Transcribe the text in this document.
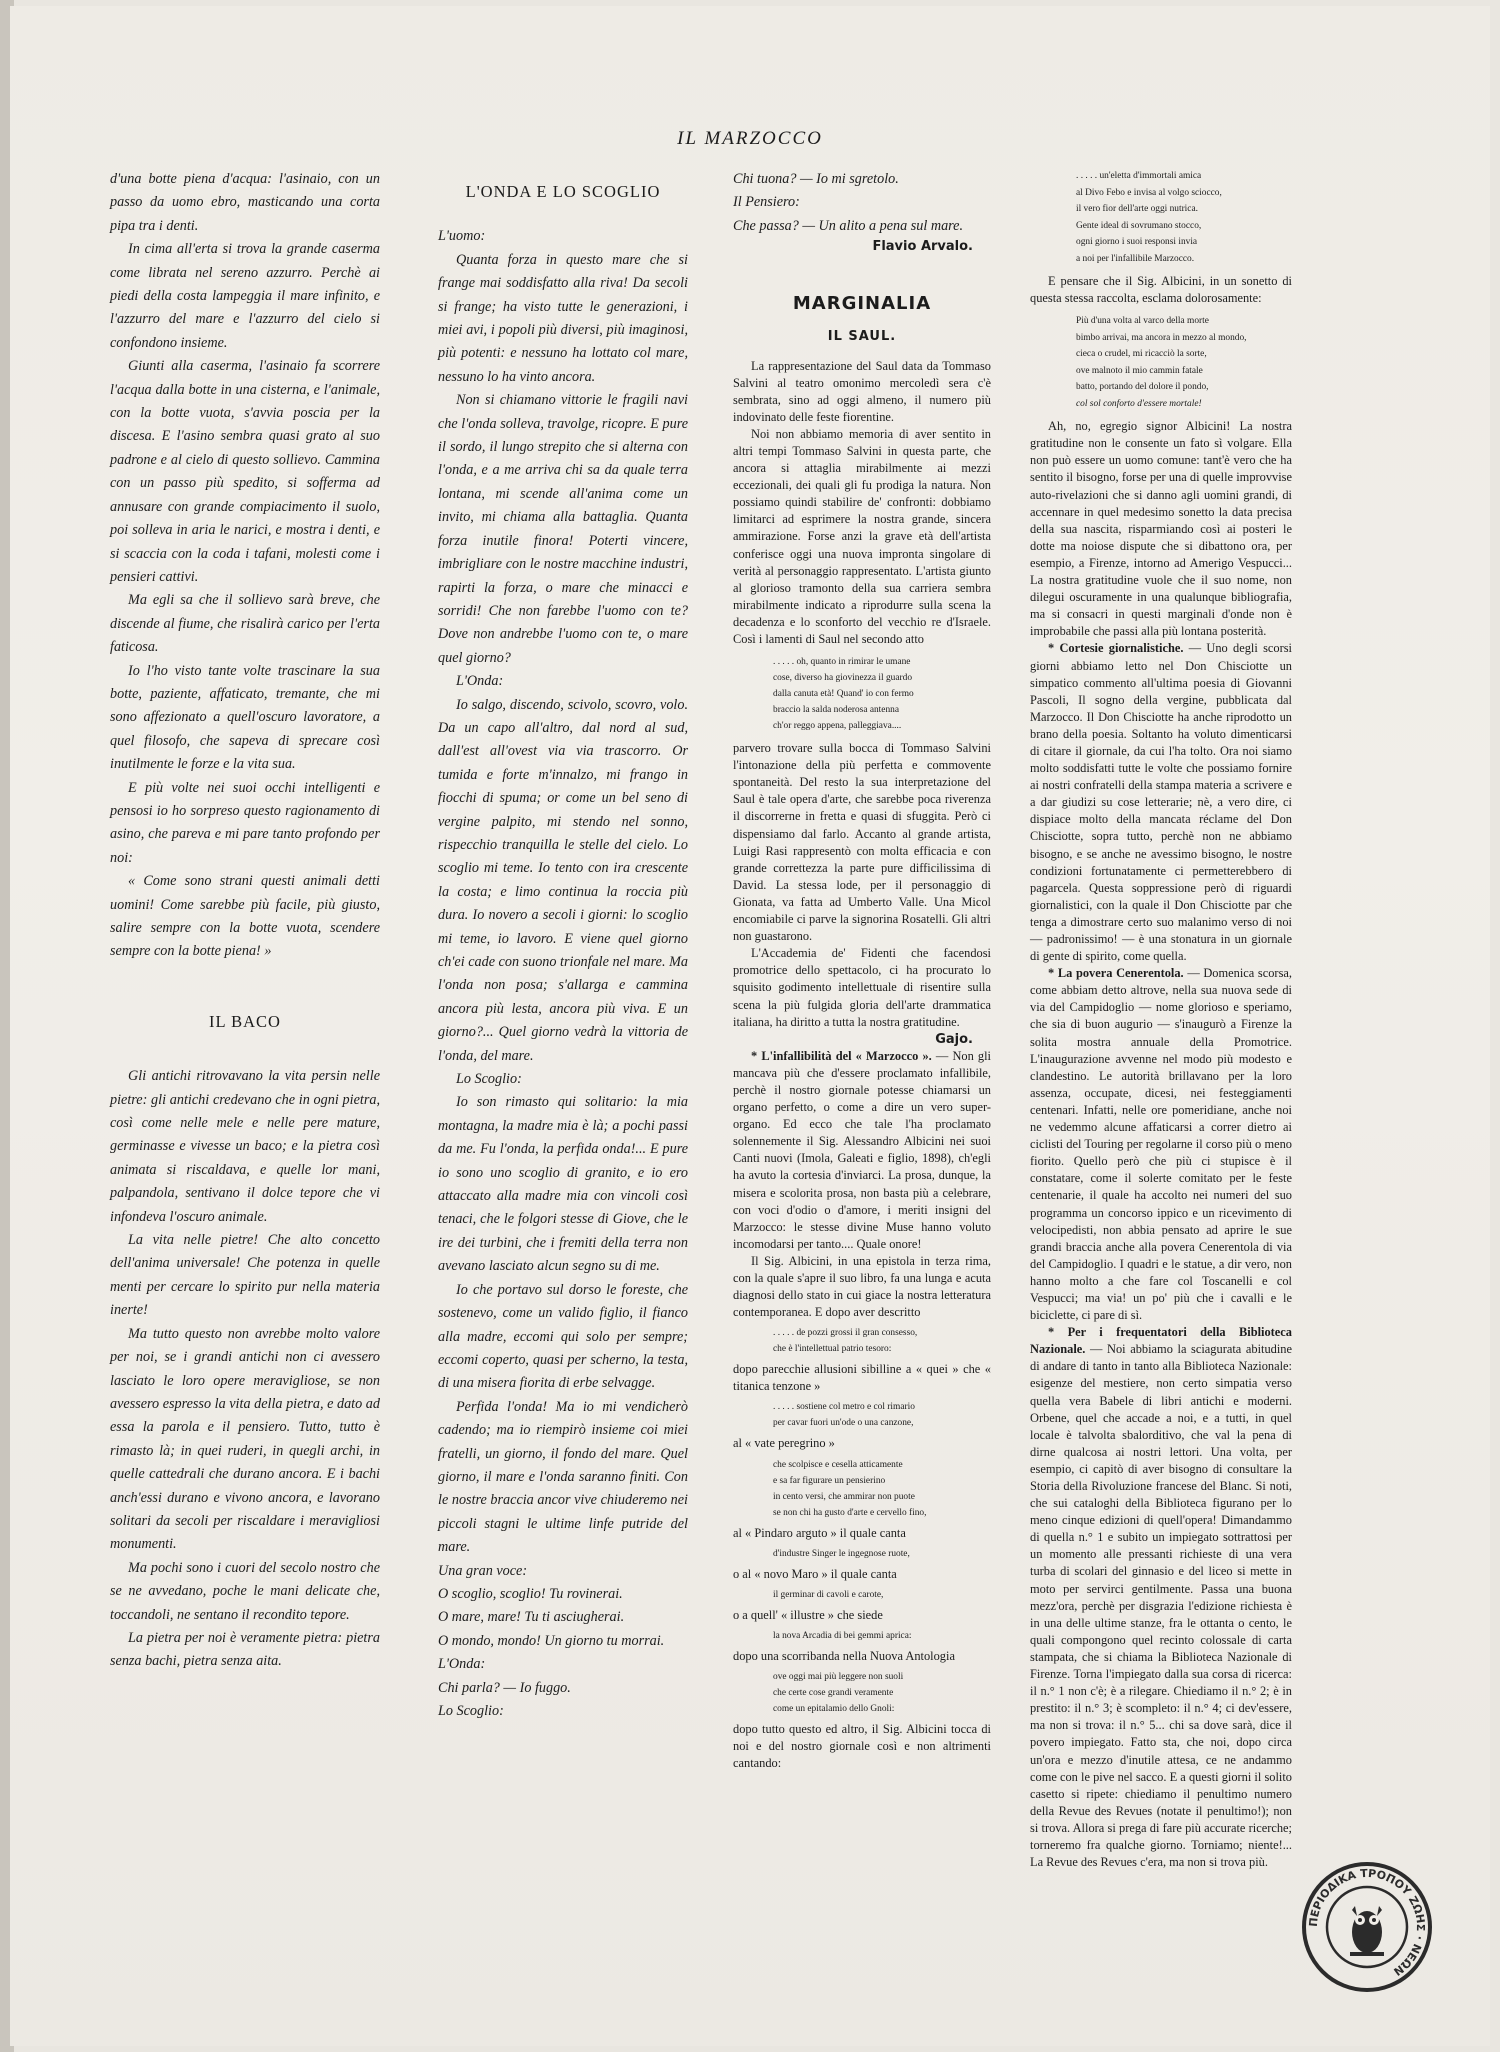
IL MARZOCCO

d'una botte piena d'acqua: l'asinaio, con un passo da uomo ebro, masticando una corta pipa tra i denti.

In cima all'erta si trova la grande caserma come librata nel sereno azzurro. Perchè ai piedi della costa lampeggia il mare infinito, e l'azzurro del mare e l'azzurro del cielo si confondono insieme.

Giunti alla caserma, l'asinaio fa scorrere l'acqua dalla botte in una cisterna, e l'animale, con la botte vuota, s'avvia poscia per la discesa. E l'asino sembra quasi grato al suo padrone e al cielo di questo sollievo. Cammina con un passo più spedito, si sofferma ad annusare con grande compiacimento il suolo, poi solleva in aria le narici, e mostra i denti, e si scaccia con la coda i tafani, molesti come i pensieri cattivi.

Ma egli sa che il sollievo sarà breve, che discende al fiume, che risalirà carico per l'erta faticosa.

Io l'ho visto tante volte trascinare la sua botte, paziente, affaticato, tremante, che mi sono affezionato a quell'oscuro lavoratore, a quel filosofo, che sapeva di sprecare così inutilmente le forze e la vita sua.

E più volte nei suoi occhi intelligenti e pensosi io ho sorpreso questo ragionamento di asino, che pareva e mi pare tanto profondo per noi:

« Come sono strani questi animali detti uomini! Come sarebbe più facile, più giusto, salire sempre con la botte vuota, scendere sempre con la botte piena! »

IL BACO

Gli antichi ritrovavano la vita persin nelle pietre: gli antichi credevano che in ogni pietra, così come nelle mele e nelle pere mature, germinasse e vivesse un baco; e la pietra così animata si riscaldava, e quelle lor mani, palpandola, sentivano il dolce tepore che vi infondeva l'oscuro animale.

La vita nelle pietre! Che alto concetto dell'anima universale! Che potenza in quelle menti per cercare lo spirito pur nella materia inerte!

Ma tutto questo non avrebbe molto valore per noi, se i grandi antichi non ci avessero lasciato le loro opere meravigliose, se non avessero espresso la vita della pietra, e dato ad essa la parola e il pensiero. Tutto, tutto è rimasto là; in quei ruderi, in quegli archi, in quelle cattedrali che durano ancora. E i bachi anch'essi durano e vivono ancora, e lavorano solitari da secoli per riscaldare i meravigliosi monumenti.

Ma pochi sono i cuori del secolo nostro che se ne avvedano, poche le mani delicate che, toccandoli, ne sentano il recondito tepore.

La pietra per noi è veramente pietra: pietra senza bachi, pietra senza aita.

L'ONDA E LO SCOGLIO

L'uomo:

Quanta forza in questo mare che si frange mai soddisfatto alla riva! Da secoli si frange; ha visto tutte le generazioni, i miei avi, i popoli più diversi, più imaginosi, più potenti: e nessuno ha lottato col mare, nessuno lo ha vinto ancora.

Non si chiamano vittorie le fragili navi che l'onda solleva, travolge, ricopre. E pure il sordo, il lungo strepito che si alterna con l'onda, e a me arriva chi sa da quale terra lontana, mi scende all'anima come un invito, mi chiama alla battaglia. Quanta forza inutile finora! Poterti vincere, imbrigliare con le nostre macchine industri, rapirti la forza, o mare che minacci e sorridi! Che non farebbe l'uomo con te? Dove non andrebbe l'uomo con te, o mare quel giorno?

L'Onda:

Io salgo, discendo, scivolo, scovro, volo. Da un capo all'altro, dal nord al sud, dall'est all'ovest via via trascorro. Or tumida e forte m'innalzo, mi frango in fiocchi di spuma; or come un bel seno di vergine palpito, mi stendo nel sonno, rispecchio tranquilla le stelle del cielo. Lo scoglio mi teme. Io tento con ira crescente la costa; e limo continua la roccia più dura. Io novero a secoli i giorni: lo scoglio mi teme, io lavoro. E viene quel giorno ch'ei cade con suono trionfale nel mare. Ma l'onda non posa; s'allarga e cammina ancora più lesta, ancora più viva. E un giorno?... Quel giorno vedrà la vittoria de l'onda, del mare.

Lo Scoglio:

Io son rimasto qui solitario: la mia montagna, la madre mia è là; a pochi passi da me. Fu l'onda, la perfida onda!... E pure io sono uno scoglio di granito, e io ero attaccato alla madre mia con vincoli così tenaci, che le folgori stesse di Giove, che le ire dei turbini, che i fremiti della terra non avevano lasciato alcun segno su di me.

Io che portavo sul dorso le foreste, che sostenevo, come un valido figlio, il fianco alla madre, eccomi qui solo per sempre; eccomi coperto, quasi per scherno, la testa, di una misera fiorita di erbe selvagge.

Perfida l'onda! Ma io mi vendicherò cadendo; ma io riempirò insieme coi miei fratelli, un giorno, il fondo del mare. Quel giorno, il mare e l'onda saranno finiti. Con le nostre braccia ancor vive chiuderemo nei piccoli stagni le ultime linfe putride del mare.

Una gran voce:

O scoglio, scoglio! Tu rovinerai.

O mare, mare! Tu ti asciugherai.

O mondo, mondo! Un giorno tu morrai.

L'Onda:

Chi parla? — Io fuggo.

Lo Scoglio:

Chi tuona? — Io mi sgretolo.

Il Pensiero:

Che passa? — Un alito a pena sul mare.

Flavio Arvalo.

MARGINALIA

IL SAUL.

La rappresentazione del Saul data da Tommaso Salvini al teatro omonimo mercoledì sera c'è sembrata, sino ad oggi almeno, il numero più indovinato delle feste fiorentine.

Noi non abbiamo memoria di aver sentito in altri tempi Tommaso Salvini in questa parte, che ancora si attaglia mirabilmente ai mezzi eccezionali, dei quali gli fu prodiga la natura. Non possiamo quindi stabilire de' confronti: dobbiamo limitarci ad esprimere la nostra grande, sincera ammirazione. Forse anzi la grave età dell'artista conferisce oggi una nuova impronta singolare di verità al personaggio rappresentato. L'artista giunto al glorioso tramonto della sua carriera sembra mirabilmente indicato a riprodurre sulla scena la decadenza e lo sconforto del vecchio re d'Israele. Così i lamenti di Saul nel secondo atto

. . . . . oh, quanto in rimirar le umane

cose, diverso ha giovinezza il guardo

dalla canuta età! Quand' io con fermo

braccio la salda noderosa antenna

ch'or reggo appena, palleggiava....

parvero trovare sulla bocca di Tommaso Salvini l'intonazione della più perfetta e commovente spontaneità. Del resto la sua interpretazione del Saul è tale opera d'arte, che sarebbe poca riverenza il discorrerne in fretta e quasi di sfuggita. Però ci dispensiamo dal farlo. Accanto al grande artista, Luigi Rasi rappresentò con molta efficacia e con grande correttezza la parte pure difficilissima di David. La stessa lode, per il personaggio di Gionata, va fatta ad Umberto Valle. Una Micol encomiabile ci parve la signorina Rosatelli. Gli altri non guastarono.

L'Accademia de' Fidenti che facendosi promotrice dello spettacolo, ci ha procurato lo squisito godimento intellettuale di risentire sulla scena la più fulgida gloria dell'arte drammatica italiana, ha diritto a tutta la nostra gratitudine.

Gajo.

* L'infallibilità del « Marzocco ». — Non gli mancava più che d'essere proclamato infallibile, perchè il nostro giornale potesse chiamarsi un organo perfetto, o come a dire un vero super-organo. Ed ecco che tale l'ha proclamato solennemente il Sig. Alessandro Albicini nei suoi Canti nuovi (Imola, Galeati e figlio, 1898), ch'egli ha avuto la cortesia d'inviarci. La prosa, dunque, la misera e scolorita prosa, non basta più a celebrare, con voci d'odio o d'amore, i meriti insigni del Marzocco: le stesse divine Muse hanno voluto incomodarsi per tanto.... Quale onore!

Il Sig. Albicini, in una epistola in terza rima, con la quale s'apre il suo libro, fa una lunga e acuta diagnosi dello stato in cui giace la nostra letteratura contemporanea. E dopo aver descritto

. . . . . de pozzi grossi il gran consesso,

che è l'intellettual patrio tesoro:

dopo parecchie allusioni sibilline a « quei » che « titanica tenzone »

. . . . . sostiene col metro e col rimario

per cavar fuori un'ode o una canzone,

al « vate peregrino »

che scolpisce e cesella atticamente

e sa far figurare un pensierino

in cento versi, che ammirar non puote

se non chi ha gusto d'arte e cervello fino,

al « Pindaro arguto » il quale canta

d'industre Singer le ingegnose ruote,

o al « novo Maro » il quale canta

il germinar di cavoli e carote,

o a quell' « illustre » che siede

la nova Arcadia di bei gemmi aprica:

dopo una scorribanda nella Nuova Antologia

ove oggi mai più leggere non suoli

che certe cose grandi veramente

come un epitalamio dello Gnoli:

dopo tutto questo ed altro, il Sig. Albicini tocca di noi e del nostro giornale così e non altrimenti cantando:

. . . . . un'eletta d'immortali amica

al Divo Febo e invisa al volgo sciocco,

il vero fior dell'arte oggi nutrica.

Gente ideal di sovrumano stocco,

ogni giorno i suoi responsi invia

a noi per l'infallibile Marzocco.

E pensare che il Sig. Albicini, in un sonetto di questa stessa raccolta, esclama dolorosamente:

Più d'una volta al varco della morte

bimbo arrivai, ma ancora in mezzo al mondo,

cieca o crudel, mi ricacciò la sorte,

ove malnoto il mio cammin fatale

batto, portando del dolore il pondo,

col sol conforto d'essere mortale!

Ah, no, egregio signor Albicini! La nostra gratitudine non le consente un fato sì volgare. Ella non può essere un uomo comune: tant'è vero che ha sentito il bisogno, forse per una di quelle improvvise auto-rivelazioni che si danno agli uomini grandi, di accennare in quel medesimo sonetto la data precisa della sua nascita, risparmiando così ai posteri le dotte ma noiose dispute che si dibattono ora, per esempio, a Firenze, intorno ad Amerigo Vespucci... La nostra gratitudine vuole che il suo nome, non dilegui oscuramente in una qualunque bibliografia, ma si consacri in questi marginali d'onde non è improbabile che passi alla più lontana posterità.

* Cortesie giornalistiche. — Uno degli scorsi giorni abbiamo letto nel Don Chisciotte un simpatico commento all'ultima poesia di Giovanni Pascoli, Il sogno della vergine, pubblicata dal Marzocco. Il Don Chisciotte ha anche riprodotto un brano della poesia. Soltanto ha voluto dimenticarsi di citare il giornale, da cui l'ha tolto. Ora noi siamo molto soddisfatti tutte le volte che possiamo fornire ai nostri confratelli della stampa materia a scrivere e a dar giudizi su cose letterarie; nè, a vero dire, ci dispiace molto della mancata réclame del Don Chisciotte, sopra tutto, perchè non ne abbiamo bisogno, e se anche ne avessimo bisogno, le nostre condizioni fortunatamente ci permetterebbero di pagarcela. Questa soppressione però di riguardi giornalistici, con la quale il Don Chisciotte par che tenga a dimostrare certo suo malanimo verso di noi — padronissimo! — è una stonatura in un giornale di gente di spirito, come quella.

* La povera Cenerentola. — Domenica scorsa, come abbiam detto altrove, nella sua nuova sede di via del Campidoglio — nome glorioso e speriamo, che sia di buon augurio — s'inaugurò a Firenze la solita mostra annuale della Promotrice. L'inaugurazione avvenne nel modo più modesto e clandestino. Le autorità brillavano per la loro assenza, occupate, dicesi, nei festeggiamenti centenari. Infatti, nelle ore pomeridiane, anche noi ne vedemmo alcune affaticarsi a correr dietro ai ciclisti del Touring per regolarne il corso più o meno fiorito. Quello però che più ci stupisce è il constatare, come il solerte comitato per le feste centenarie, il quale ha accolto nei numeri del suo programma un concorso ippico e un ricevimento di velocipedisti, non abbia pensato ad aprire le sue grandi braccia anche alla povera Cenerentola di via del Campidoglio. I quadri e le statue, a dir vero, non hanno molto a che fare col Toscanelli e col Vespucci; ma via! un po' più che i cavalli e le biciclette, ci pare di sì.

* Per i frequentatori della Biblioteca Nazionale. — Noi abbiamo la sciagurata abitudine di andare di tanto in tanto alla Biblioteca Nazionale: esigenze del mestiere, non certo simpatia verso quella vera Babele di libri antichi e moderni. Orbene, quel che accade a noi, e a tutti, in quel locale è talvolta sbalorditivo, che val la pena di dirne qualcosa ai nostri lettori. Una volta, per esempio, ci capitò di aver bisogno di consultare la Storia della Rivoluzione francese del Blanc. Si noti, che sui cataloghi della Biblioteca figurano per lo meno cinque edizioni di quell'opera! Dimandammo di quella n.° 1 e subito un impiegato sottrattosi per un momento alle pressanti richieste di una vera turba di scolari del ginnasio e del liceo si mette in moto per servirci gentilmente. Passa una buona mezz'ora, perchè per disgrazia l'edizione richiesta è in una delle ultime stanze, fra le ottanta o cento, le quali compongono quel recinto colossale di carta stampata, che si chiama la Biblioteca Nazionale di Firenze. Torna l'impiegato dalla sua corsa di ricerca: il n.° 1 non c'è; è a rilegare. Chiediamo il n.° 2; è in prestito: il n.° 3; è scompleto: il n.° 4; ci dev'essere, ma non si trova: il n.° 5... chi sa dove sarà, dice il povero impiegato. Fatto sta, che noi, dopo circa un'ora e mezzo d'inutile attesa, ce ne andammo come con le pive nel sacco. E a questi giorni il solito casetto si ripete: chiediamo il penultimo numero della Revue des Revues (notate il penultimo!); non si trova. Allora si prega di fare più accurate ricerche; torneremo fra qualche giorno. Torniamo; niente!... La Revue des Revues c'era, ma non si trova più.

ΠΕΡΙΟΔΙΚΑ ΤΡΟΠΟΥ ΖΩΗΣ · ΝΕΩΝ
